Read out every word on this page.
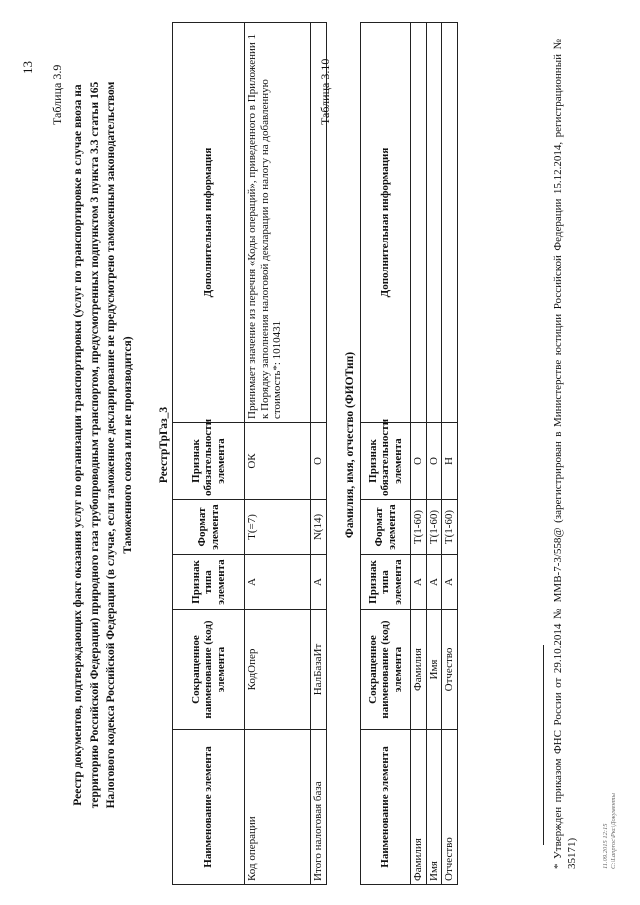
13 Таблица 3.9 Реестр документов, подтверждающих факт оказания услуг по организации транспортировки (услуг по транспортировке в случае ввоза на территорию Российской Федерации) природного газа трубопроводным транспортом, предусмотренных подпунктом 3 пункта 3.3 статьи 165 Налогового кодекса Российской Федерации (в случае, если таможенное декларирование не предусмотрено таможенным законодательством Таможенного союза или не производится) РеестрТрГаз_3
Наименование элемента	Сокращенное наименование (код) элемента	Признак типа элемента	Формат элемента	Признак обязательности элемента	Дополнительная информация
Код операции	КодОпер	А	Т(=7)	ОК	Принимает значение из перечня «Коды операций», приведенного в Приложении 1 к Порядку заполнения налоговой декларации по налогу на добавленную стоимость*: 1010431
Итого налоговая база	НалБазаИт	А	N(14)	О	
Таблица 3.10
Фамилия, имя, отчество (ФИОТип)
Наименование элемента	Сокращенное наименование (код) элемента	Признак типа элемента	Формат элемента	Признак обязательности элемента	Дополнительная информация
Фамилия	Фамилия	А	Т(1-60)	О	
Имя	Имя	А	Т(1-60)	О	
Отчество	Отчество	А	Т(1-60)	Н		* Утвержден приказом ФНС России от 29.10.2014 № ММВ-7-3/558@ (зарегистрирован в Министерстве юстиции Российской Федерации 15.12.2014, регистрационный № 35171)	11.09.2015 12:15 С:\Lanproc\Ркс\Документы
